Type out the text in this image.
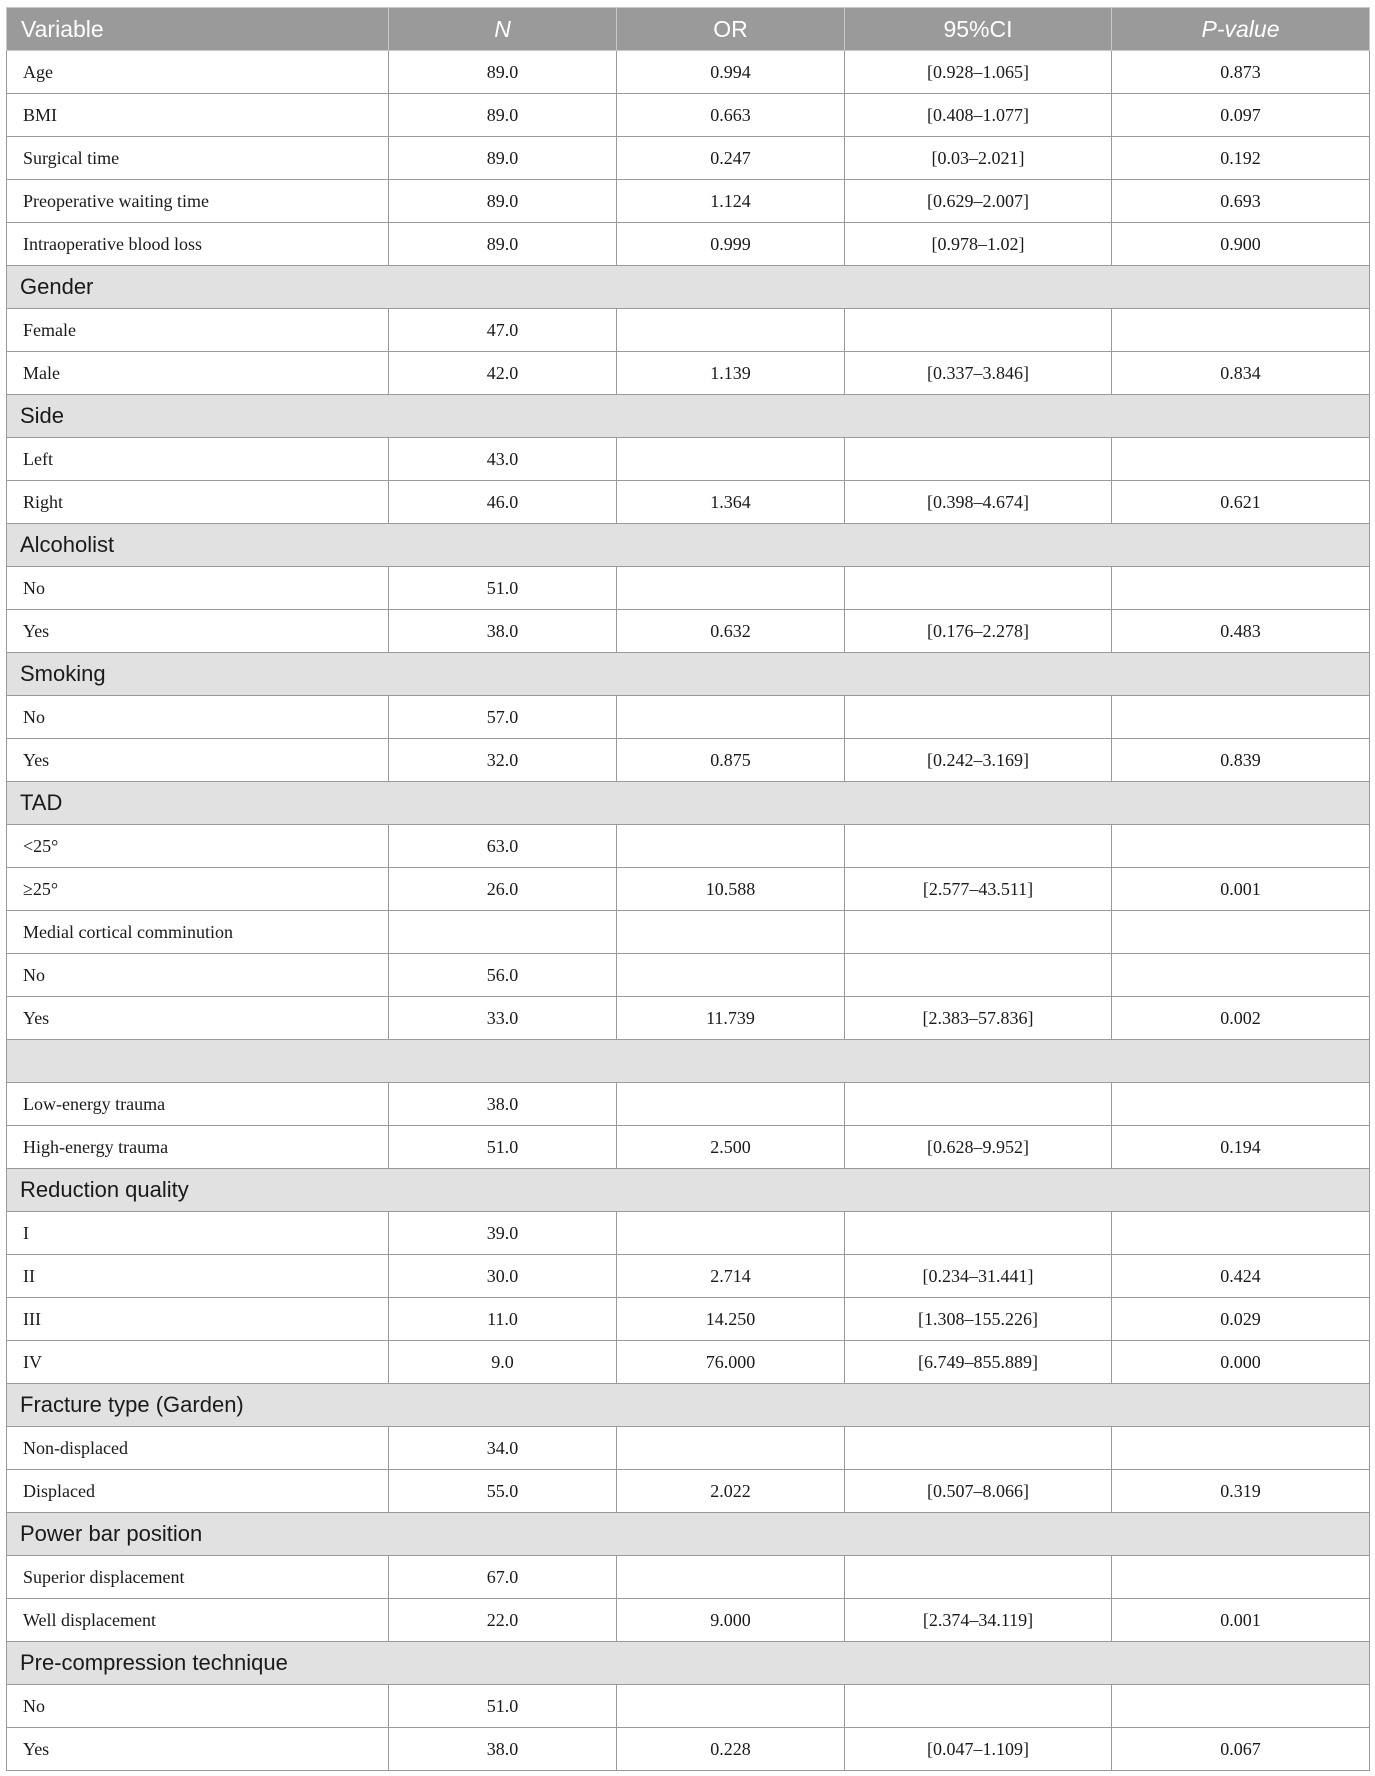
Variable	N	OR	95%CI	P-value
Age	89.0	0.994	[0.928–1.065]	0.873
BMI	89.0	0.663	[0.408–1.077]	0.097
Surgical time	89.0	0.247	[0.03–2.021]	0.192
Preoperative waiting time	89.0	1.124	[0.629–2.007]	0.693
Intraoperative blood loss	89.0	0.999	[0.978–1.02]	0.900
Gender				
Female	47.0			
Male	42.0	1.139	[0.337–3.846]	0.834
Side				
Left	43.0			
Right	46.0	1.364	[0.398–4.674]	0.621
Alcoholist				
No	51.0			
Yes	38.0	0.632	[0.176–2.278]	0.483
Smoking				
No	57.0			
Yes	32.0	0.875	[0.242–3.169]	0.839
TAD				
<25°	63.0			
≥25°	26.0	10.588	[2.577–43.511]	0.001
Medial cortical comminution				
No	56.0			
Yes	33.0	11.739	[2.383–57.836]	0.002

Low-energy trauma	38.0			
High-energy trauma	51.0	2.500	[0.628–9.952]	0.194
Reduction quality				
I	39.0			
II	30.0	2.714	[0.234–31.441]	0.424
III	11.0	14.250	[1.308–155.226]	0.029
IV	9.0	76.000	[6.749–855.889]	0.000
Fracture type (Garden)				
Non-displaced	34.0			
Displaced	55.0	2.022	[0.507–8.066]	0.319
Power bar position				
Superior displacement	67.0			
Well displacement	22.0	9.000	[2.374–34.119]	0.001
Pre-compression technique				
No	51.0			
Yes	38.0	0.228	[0.047–1.109]	0.067
